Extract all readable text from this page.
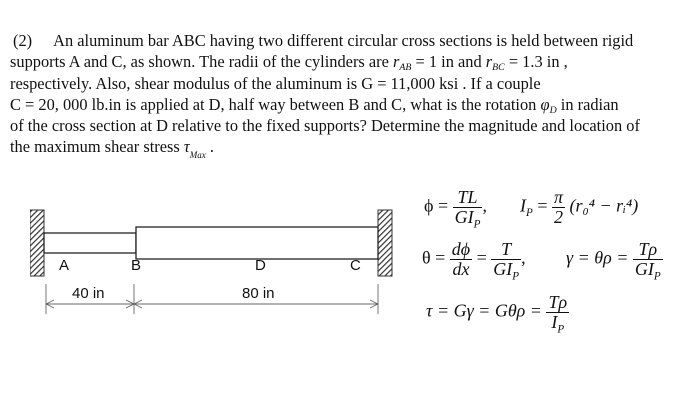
(2) An aluminum bar ABC having two different circular cross sections is held between rigid
supports A and C, as shown. The radii of the cylinders are rAB = 1 in and rBC = 1.3 in ,
respectively. Also, shear modulus of the aluminum is G = 11,000 ksi . If a couple
C = 20, 000 lb.in is applied at D, half way between B and C, what is the rotation φD in radian
of the cross section at D relative to the fixed supports? Determine the magnitude and location of
the maximum shear stress $\tau_{Max}$ .
A	B	D	C
40 in	80 in
$\phi = \frac{TL}{GI_P}$ , $I_P = \frac{\pi}{2} (r_0^4$ − rᵢ⁴)
$\theta = \frac{d\phi}{dx} = \frac{T}{GI_P}$ , $\gamma = \theta\rho = \frac{T\rho}{GI_P}$
$\tau = G\gamma = G\theta\rho = \frac{T\rho}{I_P}$
